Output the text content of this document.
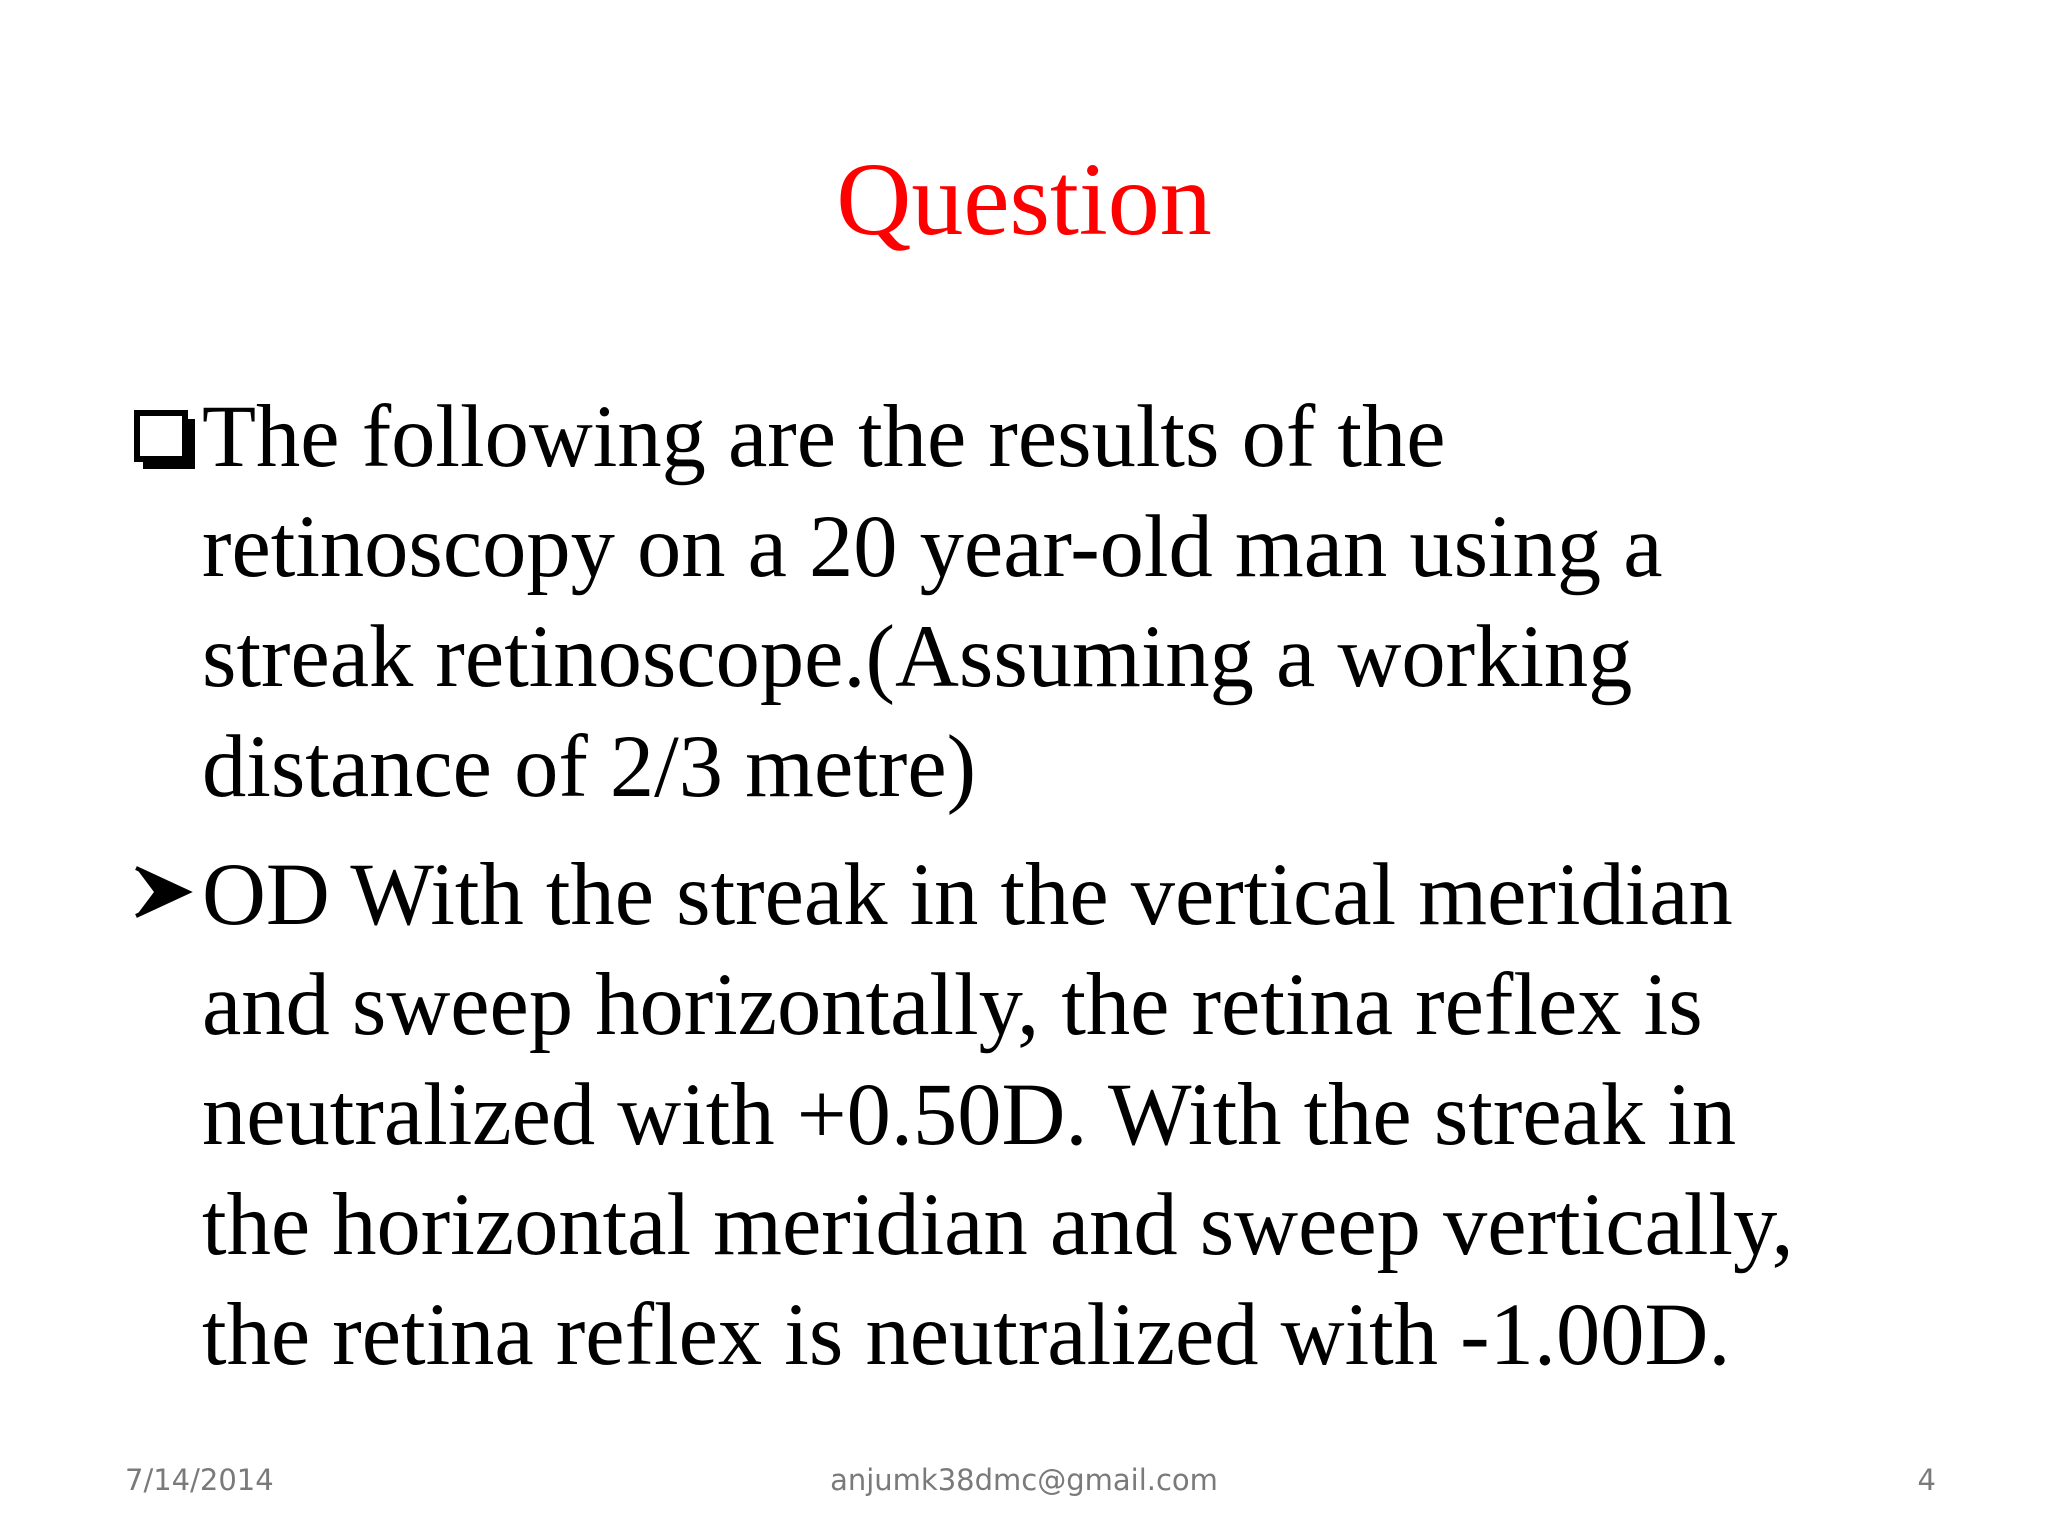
Question
The following are the results of the
retinoscopy on a 20 year-old man using a
streak retinoscope.(Assuming a working
distance of 2/3 metre)
OD With the streak in the vertical meridian
and sweep horizontally, the retina reflex is
neutralized with +0.50D. With the streak in
the horizontal meridian and sweep vertically,
the retina reflex is neutralized with -1.00D.
7/14/2014	anjumk38dmc@gmail.com	4
